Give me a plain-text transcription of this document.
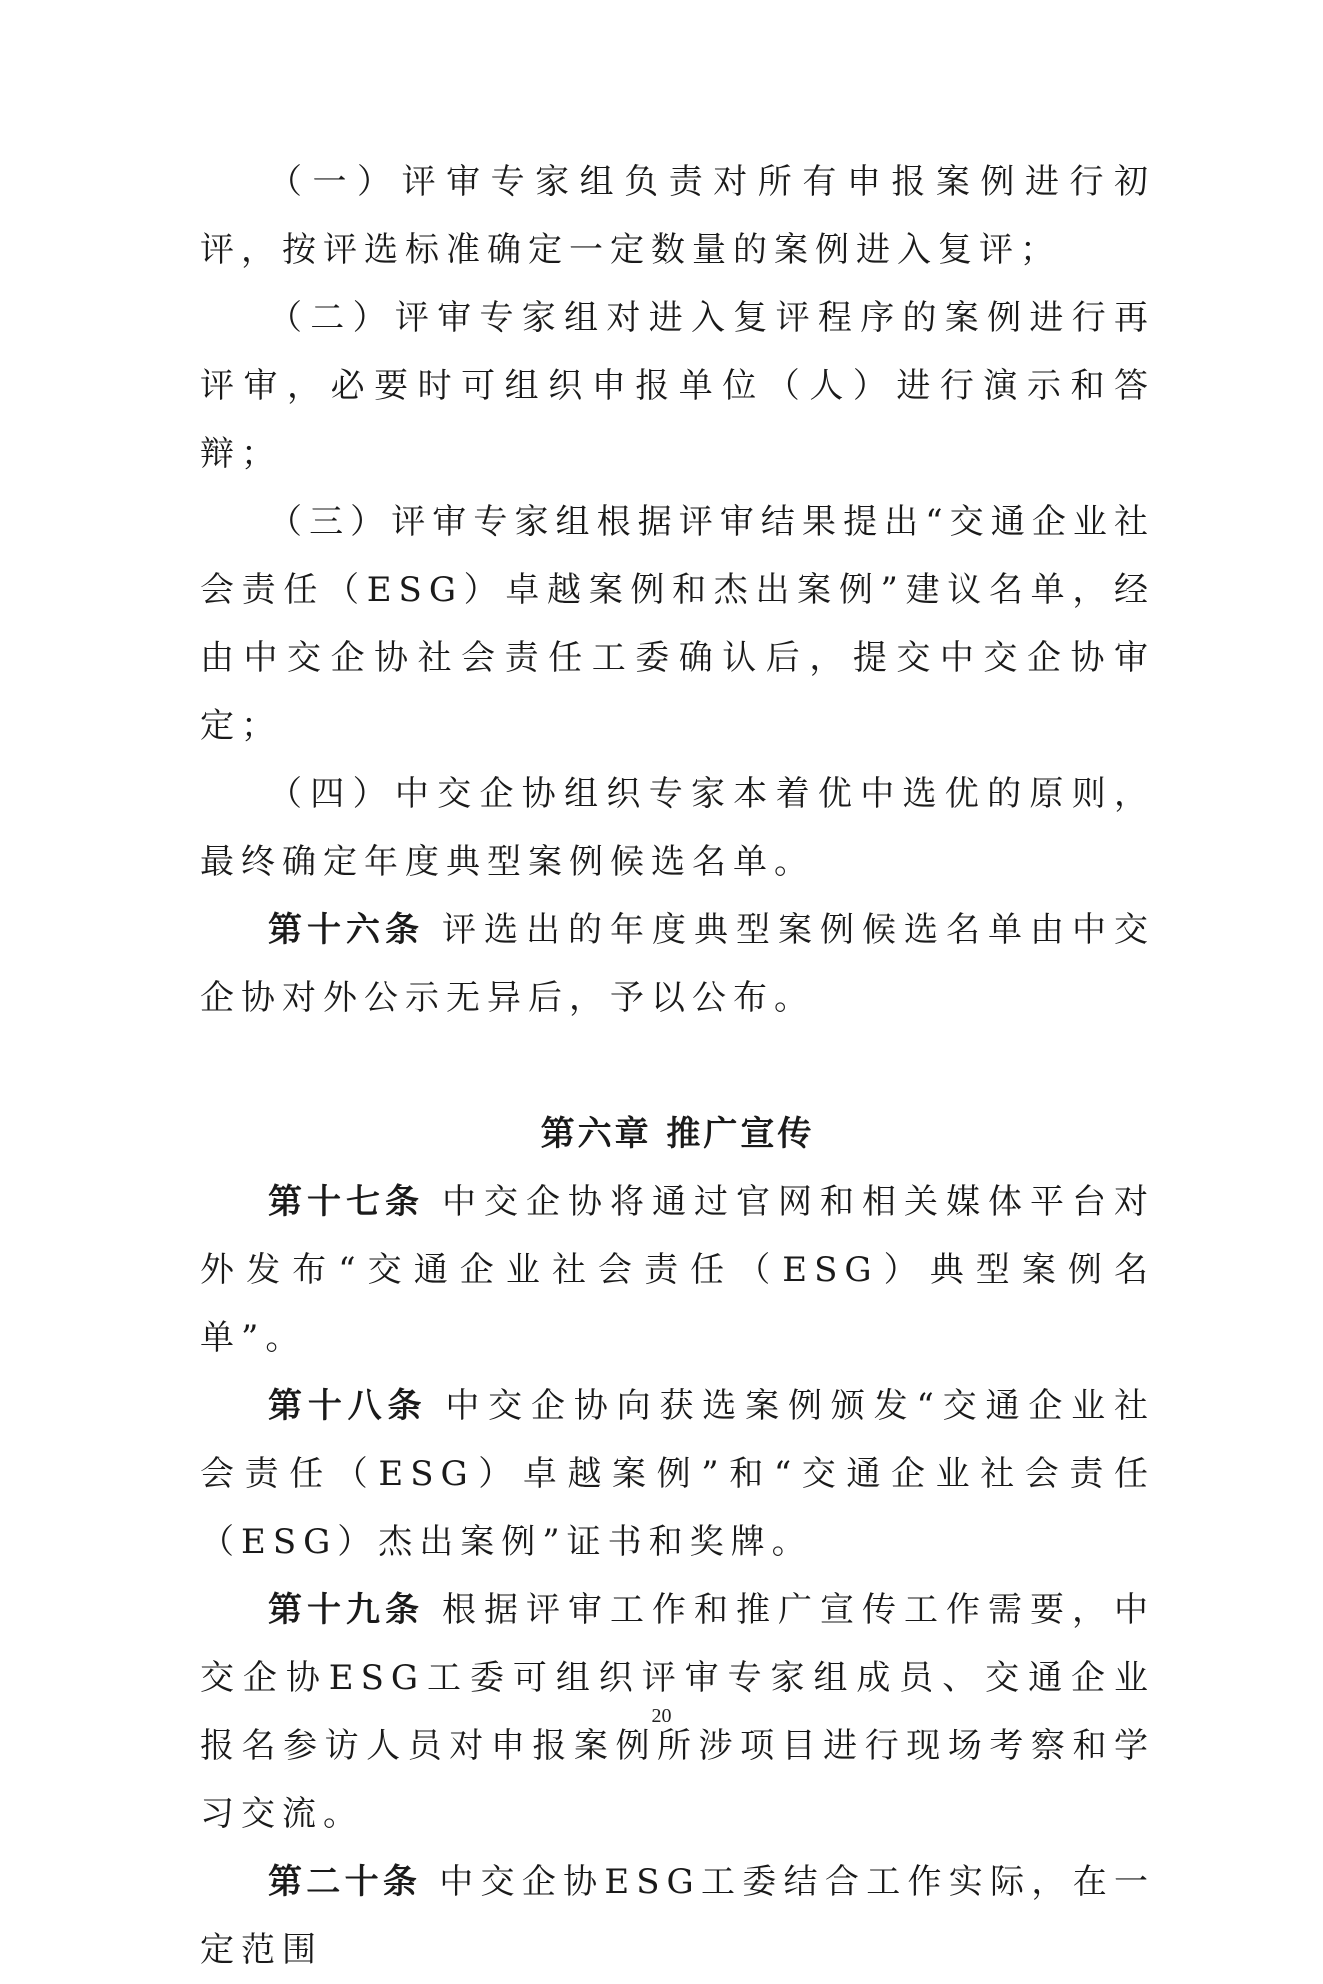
（一）评审专家组负责对所有申报案例进行初评，按评选标准确定一定数量的案例进入复评；

（二）评审专家组对进入复评程序的案例进行再评审，必要时可组织申报单位（人）进行演示和答辩；

（三）评审专家组根据评审结果提出“交通企业社会责任（ESG）卓越案例和杰出案例”建议名单，经由中交企协社会责任工委确认后，提交中交企协审定；

（四）中交企协组织专家本着优中选优的原则，最终确定年度典型案例候选名单。

第十六条 评选出的年度典型案例候选名单由中交企协对外公示无异后，予以公布。

第六章 推广宣传

第十七条 中交企协将通过官网和相关媒体平台对外发布“交通企业社会责任（ESG）典型案例名单”。

第十八条 中交企协向获选案例颁发“交通企业社会责任（ESG）卓越案例”和“交通企业社会责任（ESG）杰出案例”证书和奖牌。

第十九条 根据评审工作和推广宣传工作需要，中交企协ESG工委可组织评审专家组成员、交通企业报名参访人员对申报案例所涉项目进行现场考察和学习交流。

第二十条 中交企协ESG工委结合工作实际，在一定范围

20
